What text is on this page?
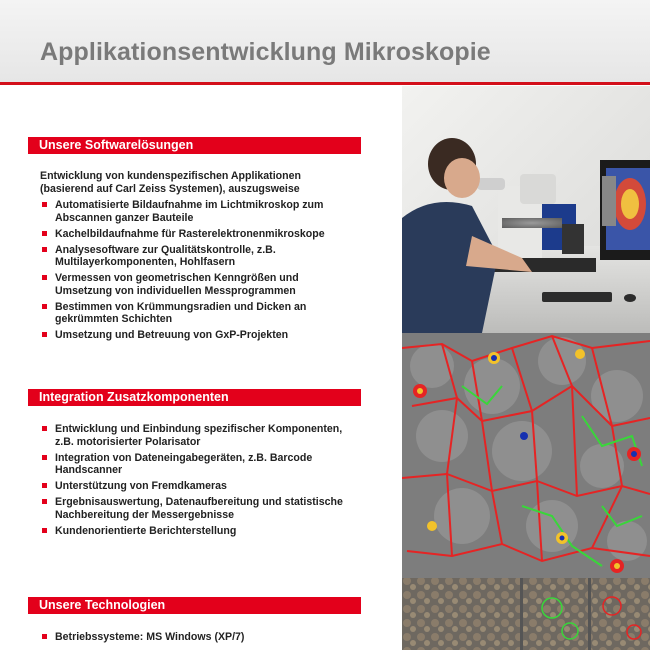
Applikationsentwicklung Mikroskopie
Unsere Softwarelösungen
Entwicklung von kundenspezifischen Applikationen
(basierend auf Carl Zeiss Systemen), auszugsweise
Automatisierte Bildaufnahme im Lichtmikroskop zum
Abscannen ganzer Bauteile
Kachelbildaufnahme für Rasterelektronenmikroskope
Analysesoftware zur Qualitätskontrolle, z.B.
Multilayerkomponenten, Hohlfasern
Vermessen von geometrischen Kenngrößen und
Umsetzung von individuellen Messprogrammen
Bestimmen von Krümmungsradien und Dicken an
gekrümmten Schichten
Umsetzung und Betreuung von GxP-Projekten
Integration Zusatzkomponenten
Entwicklung und Einbindung spezifischer Komponenten,
z.B. motorisierter Polarisator
Integration von Dateneingabegeräten, z.B. Barcode
Handscanner
Unterstützung von Fremdkameras
Ergebnisauswertung, Datenaufbereitung und statistische
Nachbereitung der Messergebnisse
Kundenorientierte Berichterstellung
Unsere Technologien
Betriebssysteme: MS Windows (XP/7)
